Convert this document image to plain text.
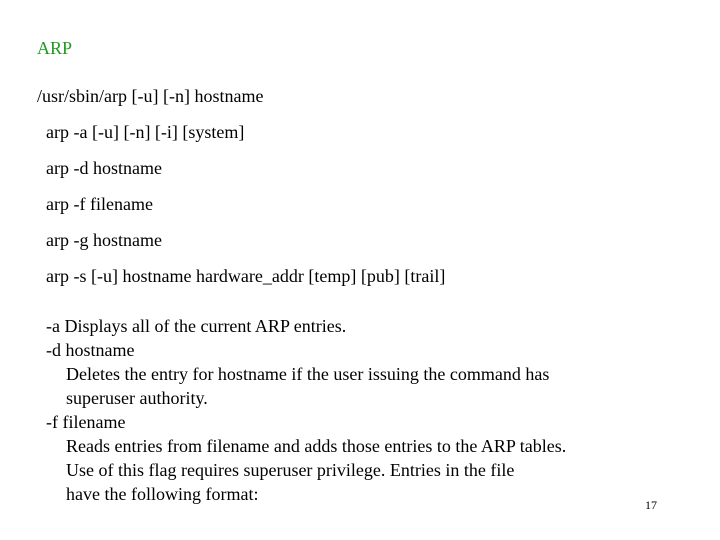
ARP
/usr/sbin/arp [-u] [-n] hostname
arp -a [-u] [-n] [-i] [system]
arp -d hostname
arp -f filename
arp -g hostname
arp -s [-u] hostname hardware_addr [temp] [pub] [trail]
-a Displays all of the current ARP entries.
-d hostname
Deletes the entry for hostname if the user issuing the command has
superuser authority.
-f filename
Reads entries from filename and adds those entries to the ARP tables.
Use of this flag requires superuser privilege. Entries in the file
have the following format:
17
